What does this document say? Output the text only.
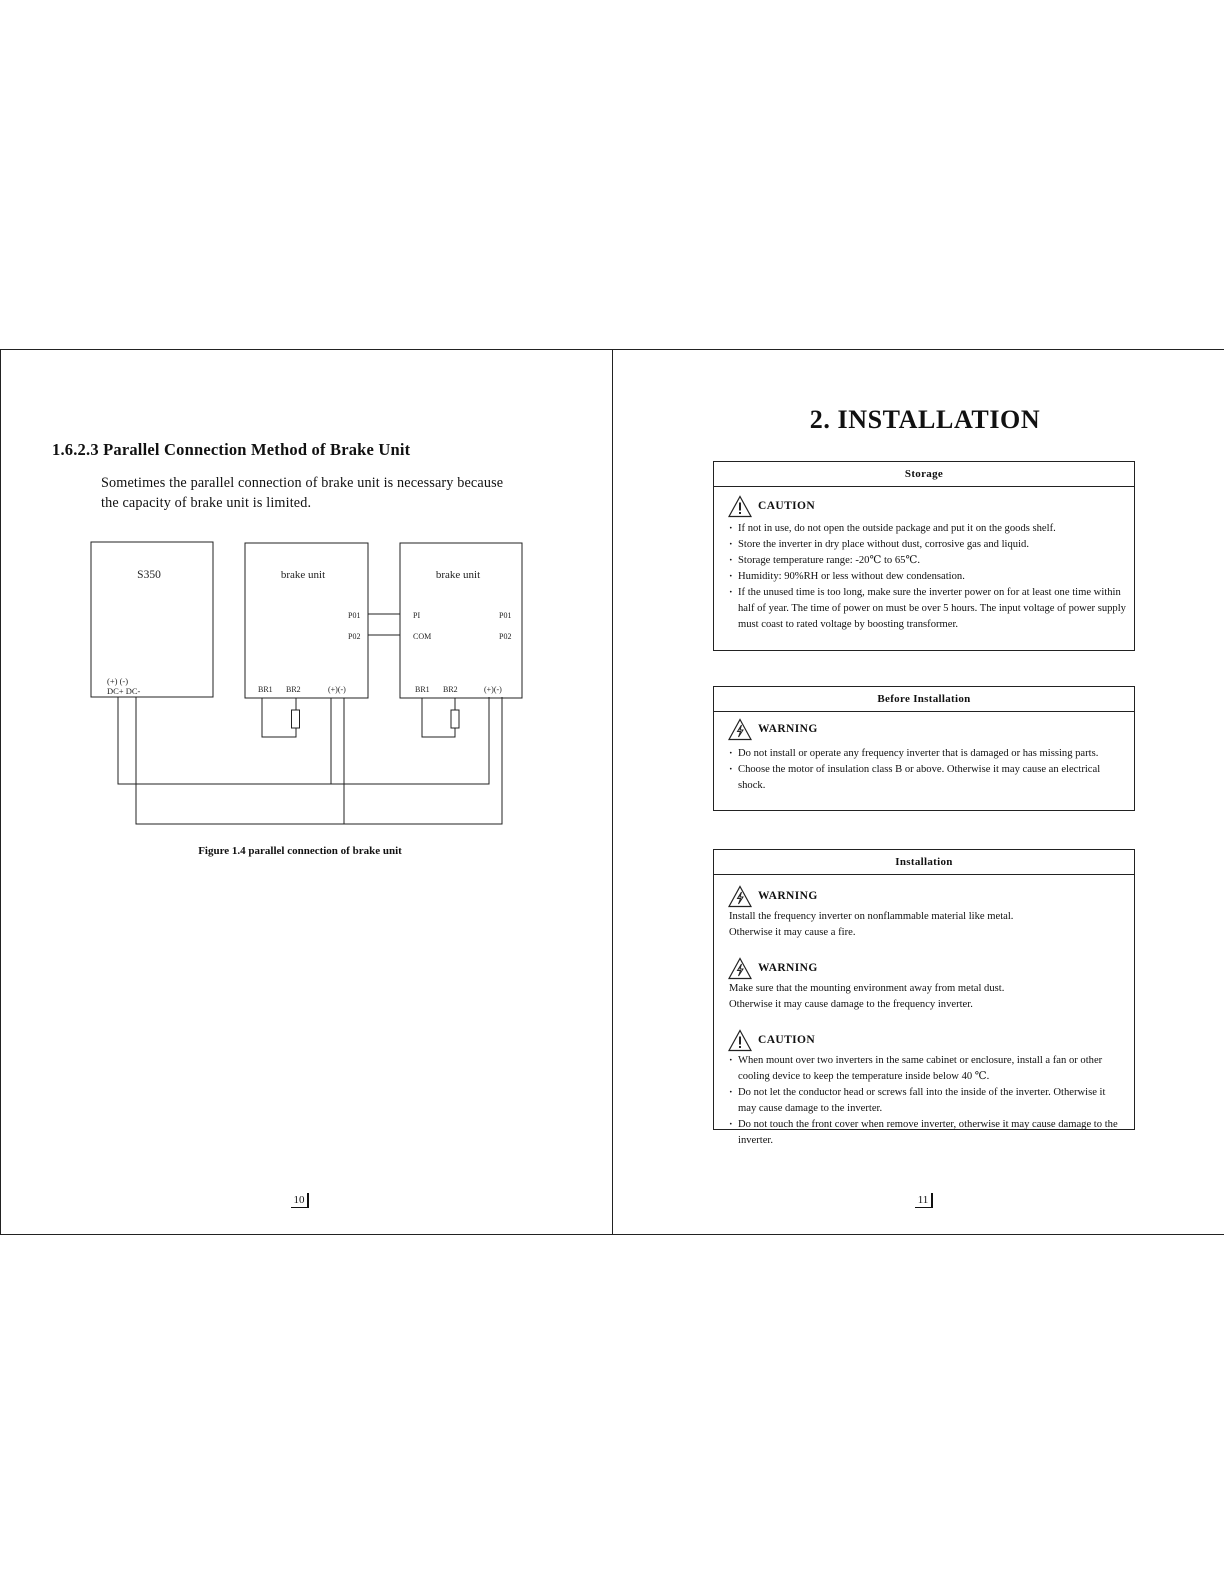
1.6.2.3 Parallel Connection Method of Brake Unit
Sometimes the parallel connection of brake unit is necessary because
the capacity of brake unit is limited.
S350
(+) (-)
DC+ DC-
brake unit
P01
P02
BR1 BR2	(+)(-)
brake unit
PI
COM
P01
P02
BR1 BR2	(+)(-)
Figure 1.4 parallel connection of brake unit
10
2. INSTALLATION
Storage
CAUTION
· If not in use, do not open the outside package and put it on the goods shelf.
· Store the inverter in dry place without dust, corrosive gas and liquid.
· Storage temperature range: -20℃ to 65℃.
· Humidity: 90%RH or less without dew condensation.
· If the unused time is too long, make sure the inverter power on for at least one time within half of year. The time of power on must be over 5 hours. The input voltage of power supply must coast to rated voltage by boosting transformer.
Before Installation
WARNING
· Do not install or operate any frequency inverter that is damaged or has missing parts.
· Choose the motor of insulation class B or above. Otherwise it may cause an electrical shock.
Installation
WARNING

Install the frequency inverter on nonflammable material like metal.
Otherwise it may cause a fire.

WARNING

Make sure that the mounting environment away from metal dust.
Otherwise it may cause damage to the frequency inverter.

CAUTION
· When mount over two inverters in the same cabinet or enclosure, install a fan or other cooling device to keep the temperature inside below 40 ℃.
· Do not let the conductor head or screws fall into the inside of the inverter. Otherwise it may cause damage to the inverter.
· Do not touch the front cover when remove inverter, otherwise it may cause damage to the inverter.
11
